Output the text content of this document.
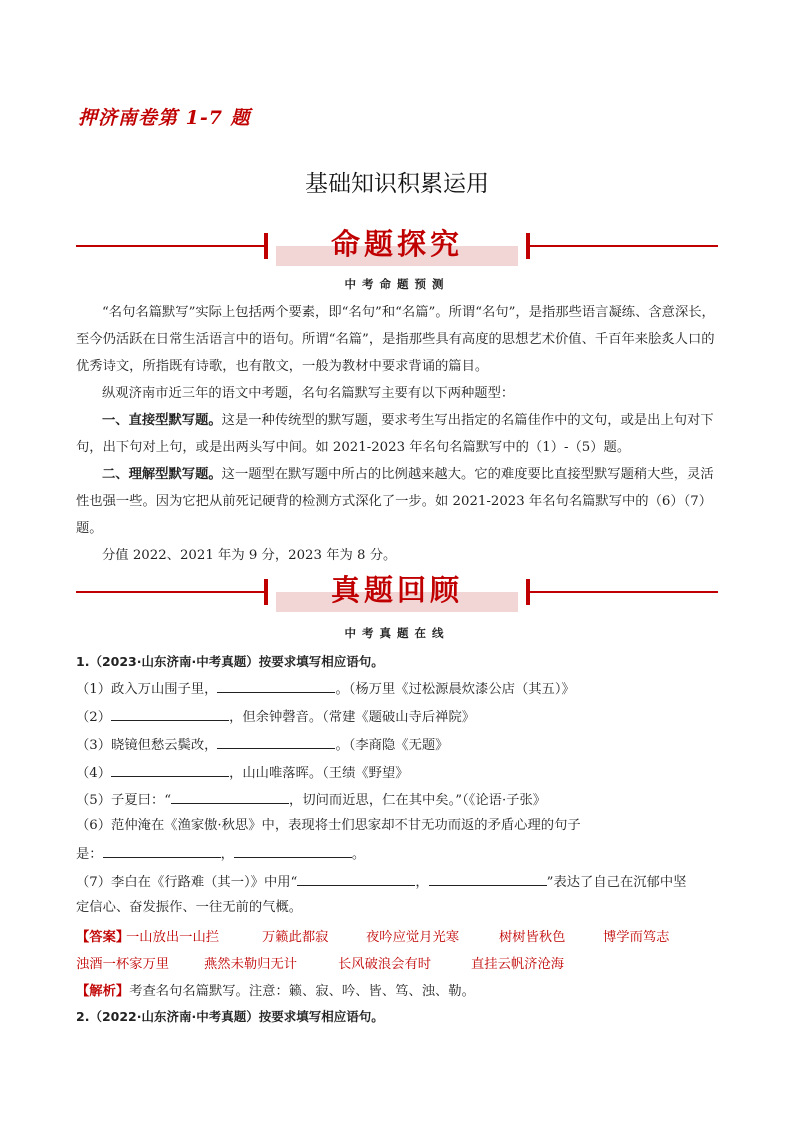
押济南卷第 1-7 题
基础知识积累运用
命题探究
中考命题预测

“名句名篇默写”实际上包括两个要素，即“名句”和“名篇”。所谓“名句”，是指那些语言凝练、含意深长，至今仍活跃在日常生活语言中的语句。所谓“名篇”，是指那些具有高度的思想艺术价值、千百年来脍炙人口的优秀诗文，所指既有诗歌，也有散文，一般为教材中要求背诵的篇目。

纵观济南市近三年的语文中考题，名句名篇默写主要有以下两种题型：

一、直接型默写题。这是一种传统型的默写题，要求考生写出指定的名篇佳作中的文句，或是出上句对下句，出下句对上句，或是出两头写中间。如 2021-2023 年名句名篇默写中的（1）-（5）题。

二、理解型默写题。这一题型在默写题中所占的比例越来越大。它的难度要比直接型默写题稍大些，灵活性也强一些。因为它把从前死记硬背的检测方式深化了一步。如 2021-2023 年名句名篇默写中的（6）（7）题。

分值 2022、2021 年为 9 分，2023 年为 8 分。

真题回顾
中考真题在线
1.（2023·山东济南·中考真题）按要求填写相应语句。
（1）政入万山围子里，	。（杨万里《过松源晨炊漆公店（其五）》
（2）	，但余钟磬音。（常建《题破山寺后禅院》
（3）晓镜但愁云鬓改，	。（李商隐《无题》
（4）	，山山唯落晖。（王绩《野望》
（5）子夏曰：“	，切问而近思，仁在其中矣。”（《论语·子张》
（6）范仲淹在《渔家傲·秋思》中，表现将士们思家却不甘无功而返的矛盾心理的句子
是：	，	。
（7）李白在《行路难（其一）》中用“	，	”表达了自己在沉郁中坚
定信心、奋发振作、一往无前的气概。
【答案】
一山放出一山拦	万籁此都寂	夜吟应觉月光寒	树树皆秋色	博学而笃志
浊酒一杯家万里	燕然未勒归无计	长风破浪会有时	直挂云帆济沧海
【解析】考查名句名篇默写。注意：籁、寂、吟、皆、笃、浊、勒。
2.（2022·山东济南·中考真题）按要求填写相应语句。
